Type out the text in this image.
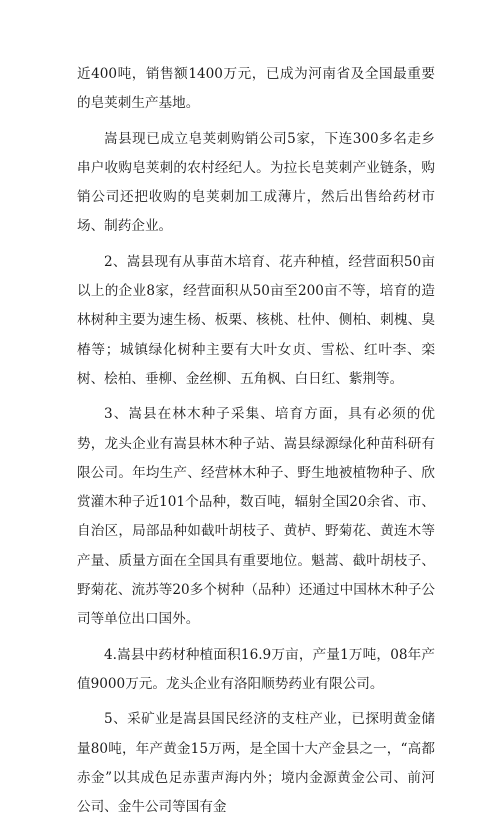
近400吨，销售额1400万元，已成为河南省及全国最重要的皂荚刺生产基地。

嵩县现已成立皂荚刺购销公司5家，下连300多名走乡串户收购皂荚刺的农村经纪人。为拉长皂荚刺产业链条，购销公司还把收购的皂荚刺加工成薄片，然后出售给药材市场、制药企业。

2、嵩县现有从事苗木培育、花卉种植，经营面积50亩以上的企业8家，经营面积从50亩至200亩不等，培育的造林树种主要为速生杨、板栗、核桃、杜仲、侧柏、刺槐、臭椿等；城镇绿化树种主要有大叶女贞、雪松、红叶李、栾树、桧柏、垂柳、金丝柳、五角枫、白日红、紫荆等。

3、嵩县在林木种子采集、培育方面，具有必须的优势，龙头企业有嵩县林木种子站、嵩县绿源绿化种苗科研有限公司。年均生产、经营林木种子、野生地被植物种子、欣赏灌木种子近101个品种，数百吨，辐射全国20余省、市、自治区，局部品种如截叶胡枝子、黄栌、野菊花、黄连木等产量、质量方面在全国具有重要地位。魁蒿、截叶胡枝子、野菊花、流苏等20多个树种（品种）还通过中国林木种子公司等单位出口国外。

4.嵩县中药材种植面积16.9万亩，产量1万吨，08年产值9000万元。龙头企业有洛阳顺势药业有限公司。

5、采矿业是嵩县国民经济的支柱产业，已探明黄金储量80吨，年产黄金15万两，是全国十大产金县之一，“高都赤金”以其成色足赤蜚声海内外；境内金源黄金公司、前河公司、金牛公司等国有金
